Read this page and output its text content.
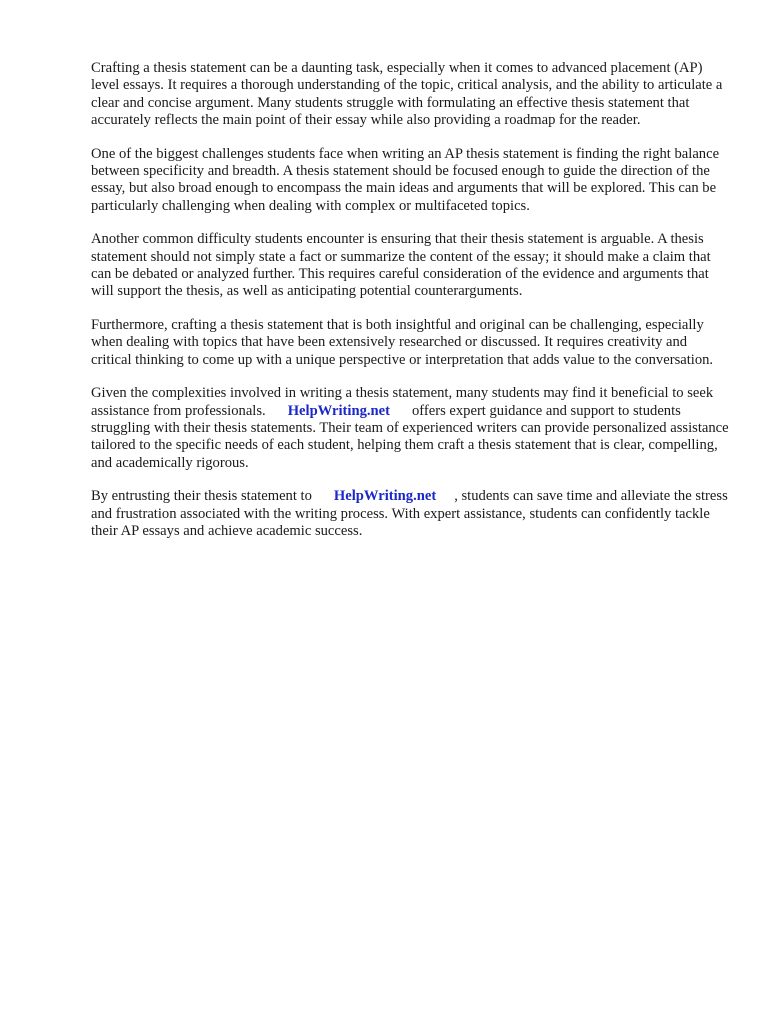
Crafting a thesis statement can be a daunting task, especially when it comes to advanced placement (AP) level essays. It requires a thorough understanding of the topic, critical analysis, and the ability to articulate a clear and concise argument. Many students struggle with formulating an effective thesis statement that accurately reflects the main point of their essay while also providing a roadmap for the reader.

One of the biggest challenges students face when writing an AP thesis statement is finding the right balance between specificity and breadth. A thesis statement should be focused enough to guide the direction of the essay, but also broad enough to encompass the main ideas and arguments that will be explored. This can be particularly challenging when dealing with complex or multifaceted topics.

Another common difficulty students encounter is ensuring that their thesis statement is arguable. A thesis statement should not simply state a fact or summarize the content of the essay; it should make a claim that can be debated or analyzed further. This requires careful consideration of the evidence and arguments that will support the thesis, as well as anticipating potential counterarguments.

Furthermore, crafting a thesis statement that is both insightful and original can be challenging, especially when dealing with topics that have been extensively researched or discussed. It requires creativity and critical thinking to come up with a unique perspective or interpretation that adds value to the conversation.

Given the complexities involved in writing a thesis statement, many students may find it beneficial to seek assistance from professionals. HelpWriting.net offers expert guidance and support to students struggling with their thesis statements. Their team of experienced writers can provide personalized assistance tailored to the specific needs of each student, helping them craft a thesis statement that is clear, compelling, and academically rigorous.

By entrusting their thesis statement to HelpWriting.net , students can save time and alleviate the stress and frustration associated with the writing process. With expert assistance, students can confidently tackle their AP essays and achieve academic success.
